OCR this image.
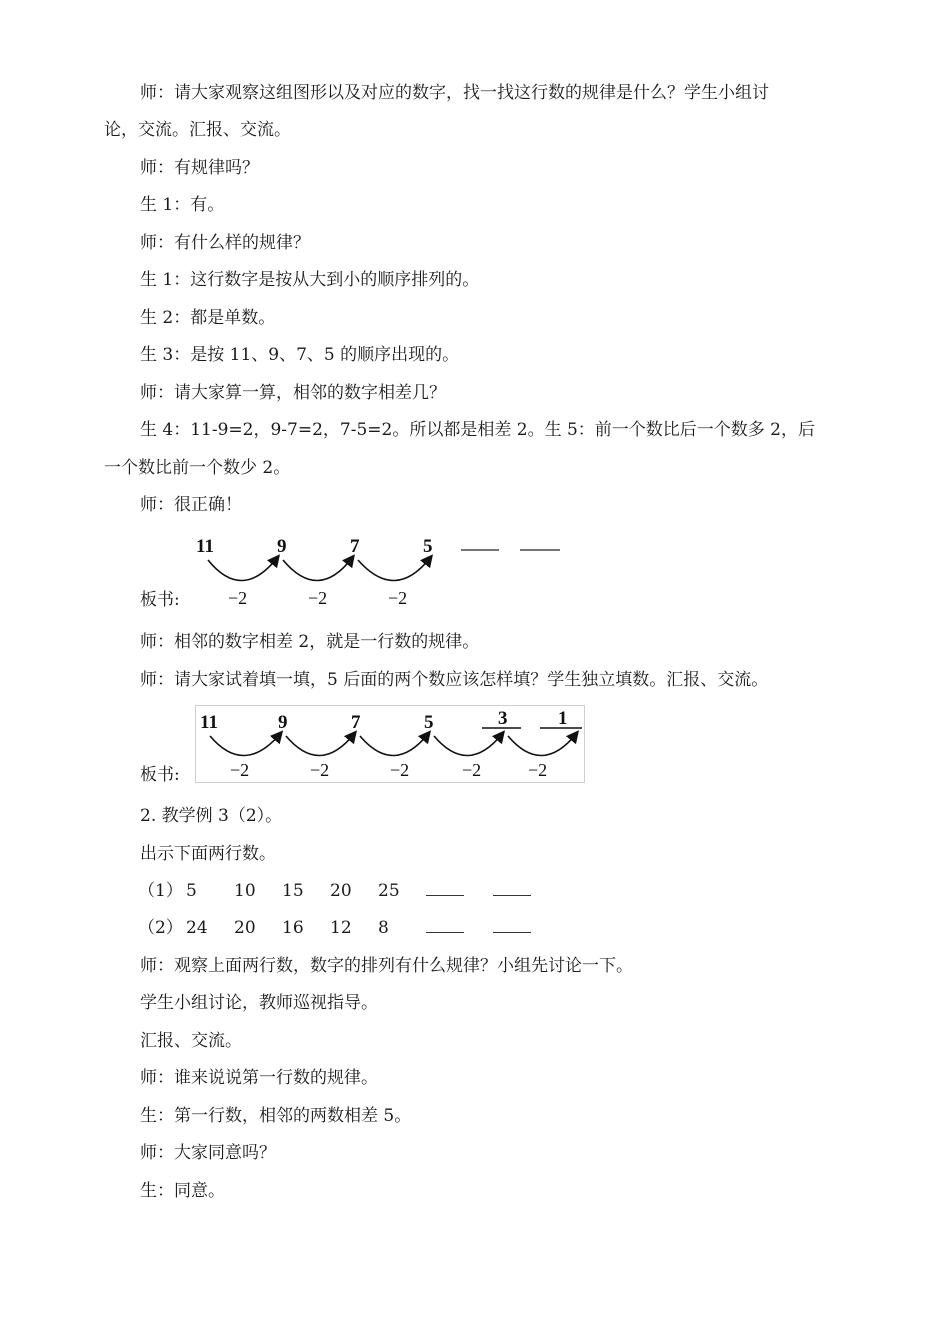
师：请大家观察这组图形以及对应的数字，找一找这行数的规律是什么？学生小组讨
论，交流。汇报、交流。
师：有规律吗？
生 1：有。
师：有什么样的规律？
生 1：这行数字是按从大到小的顺序排列的。
生 2：都是单数。
生 3：是按 11、9、7、5 的顺序出现的。
师：请大家算一算，相邻的数字相差几？
生 4：11-9=2，9-7=2，7-5=2。所以都是相差 2。生 5：前一个数比后一个数多 2，后
一个数比前一个数少 2。
师：很正确！
板书:
11	9	7	5
−2	−2	−2
师：相邻的数字相差 2，就是一行数的规律。
师：请大家试着填一填，5 后面的两个数应该怎样填？学生独立填数。汇报、交流。
板书:
11	9	7	5	3	1
−2	−2	−2	−2	−2
2. 教学例 3（2）。
出示下面两行数。
（1） 5 10 15 20 25
（2） 24 20 16 12 8
师：观察上面两行数，数字的排列有什么规律？小组先讨论一下。
学生小组讨论，教师巡视指导。
汇报、交流。
师：谁来说说第一行数的规律。
生：第一行数，相邻的两数相差 5。
师：大家同意吗？
生：同意。
